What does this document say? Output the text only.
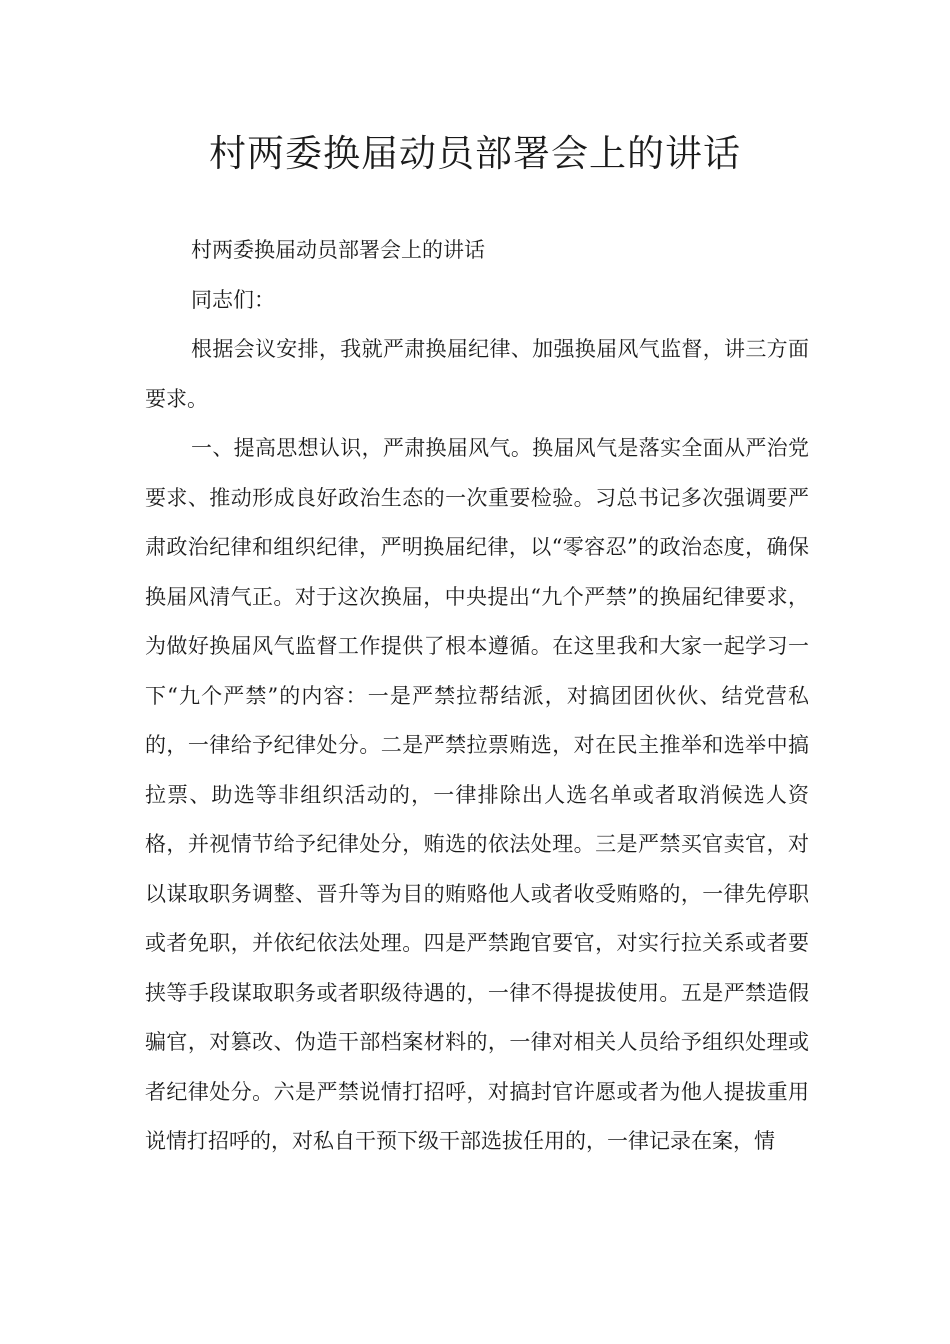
村两委换届动员部署会上的讲话

村两委换届动员部署会上的讲话

同志们：

根据会议安排，我就严肃换届纪律、加强换届风气监督，讲三方面要求。

一、提高思想认识，严肃换届风气。换届风气是落实全面从严治党要求、推动形成良好政治生态的一次重要检验。习总书记多次强调要严肃政治纪律和组织纪律，严明换届纪律，以“零容忍”的政治态度，确保换届风清气正。对于这次换届，中央提出“九个严禁”的换届纪律要求，为做好换届风气监督工作提供了根本遵循。在这里我和大家一起学习一下“九个严禁”的内容：一是严禁拉帮结派，对搞团团伙伙、结党营私的，一律给予纪律处分。二是严禁拉票贿选，对在民主推举和选举中搞拉票、助选等非组织活动的，一律排除出人选名单或者取消候选人资格，并视情节给予纪律处分，贿选的依法处理。三是严禁买官卖官，对以谋取职务调整、晋升等为目的贿赂他人或者收受贿赂的，一律先停职或者免职，并依纪依法处理。四是严禁跑官要官，对实行拉关系或者要挟等手段谋取职务或者职级待遇的，一律不得提拔使用。五是严禁造假骗官，对篡改、伪造干部档案材料的，一律对相关人员给予组织处理或者纪律处分。六是严禁说情打招呼，对搞封官许愿或者为他人提拔重用说情打招呼的，对私自干预下级干部选拔任用的，一律记录在案，情
